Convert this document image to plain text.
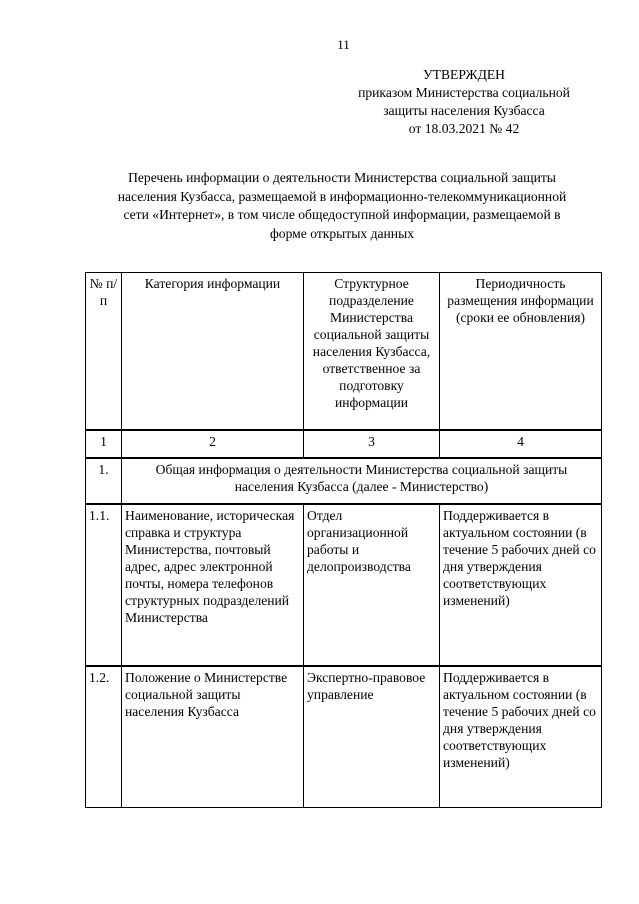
11
УТВЕРЖДЕН
приказом Министерства социальной
защиты населения Кузбасса
от 18.03.2021 № 42
Перечень информации о деятельности Министерства социальной защиты
населения Кузбасса, размещаемой в информационно-телекоммуникационной
сети «Интернет», в том числе общедоступной информации, размещаемой в
форме открытых данных
№ п/п	Категория информации	Структурное подразделение Министерства социальной защиты населения Кузбасса, ответственное за подготовку информации	Периодичность размещения информации (сроки ее обновления)
1	2	3	4
1.	Общая информация о деятельности Министерства социальной защиты населения Кузбасса (далее - Министерство)		
1.1.	Наименование, историческая справка и структура Министерства, почтовый адрес, адрес электронной почты, номера телефонов структурных подразделений Министерства	Отдел организационной работы и делопроизводства	Поддерживается в актуальном состоянии (в течение 5 рабочих дней со дня утверждения соответствующих изменений)
1.2.	Положение о Министерстве социальной защиты населения Кузбасса	Экспертно-правовое управление	Поддерживается в актуальном состоянии (в течение 5 рабочих дней со дня утверждения соответствующих изменений)
